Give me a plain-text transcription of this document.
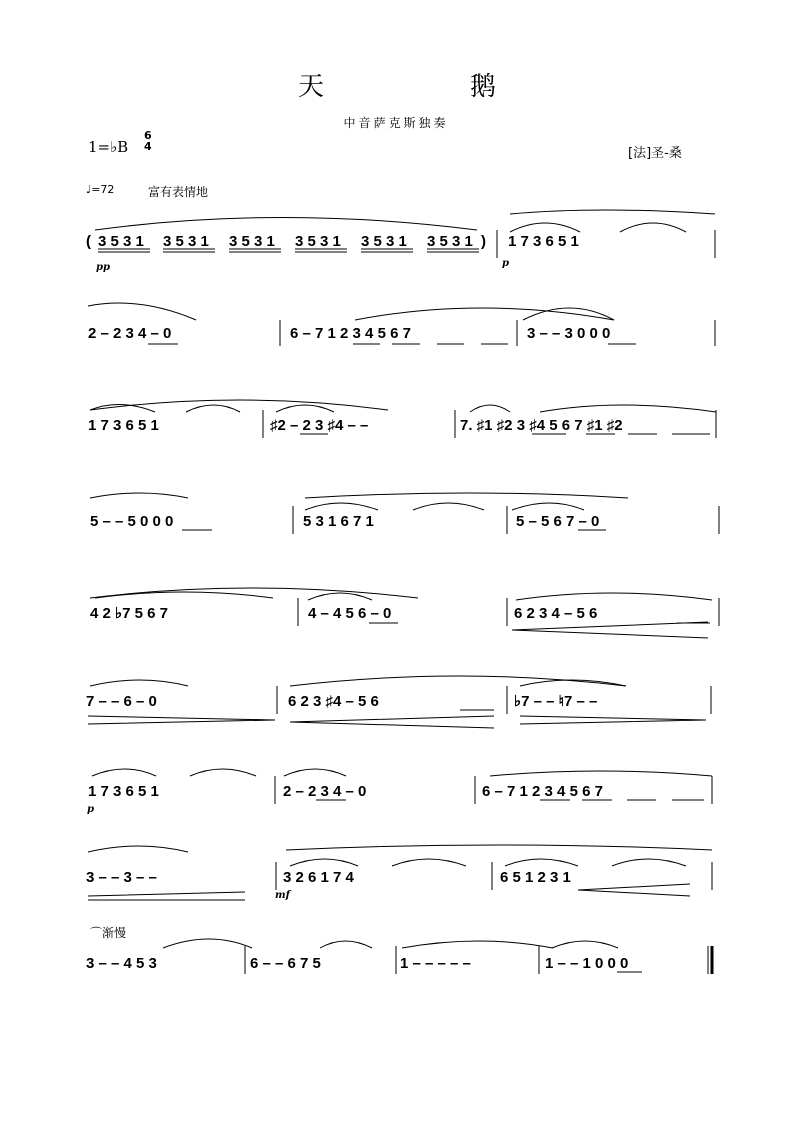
天	鹅
中音萨克斯独奏
1=♭B
6
4	[法]圣-桑
♩=72	富有表情地
pp	p
p
mf
⌒渐慢
( 3 5 3 1 3 5 3 1 3 5 3 1 3 5 3 1 3 5 3 1 3 5 3 1 ) 1 7 3 6 5 1
2 – 2 3 4 – 0	6 – 7 1 2 3 4 5 6 7	3 – – 3 0 0 0
1 7 3 6 5 1	♯2 – 2 3 ♯4 – –	7. ♯1 ♯2 3 ♯4 5 6 7 ♯1 ♯2
5 – – 5 0 0 0	5 3 1 6 7 1	5 – 5 6 7 – 0
4 2 ♭7 5 6 7	4 – 4 5 6 – 0	6 2 3 4 – 5 6
7 – – 6 – 0	6 2 3 ♯4 – 5 6	♭7 – – ♮7 – –
1 7 3 6 5 1	2 – 2 3 4 – 0	6 – 7 1 2 3 4 5 6 7
3 – – 3 – –	3 2 6 1 7 4	6 5 1 2 3 1
3 – – 4 5 3	6 – – 6 7 5	1 – – – – –	1 – – 1 0 0 0
